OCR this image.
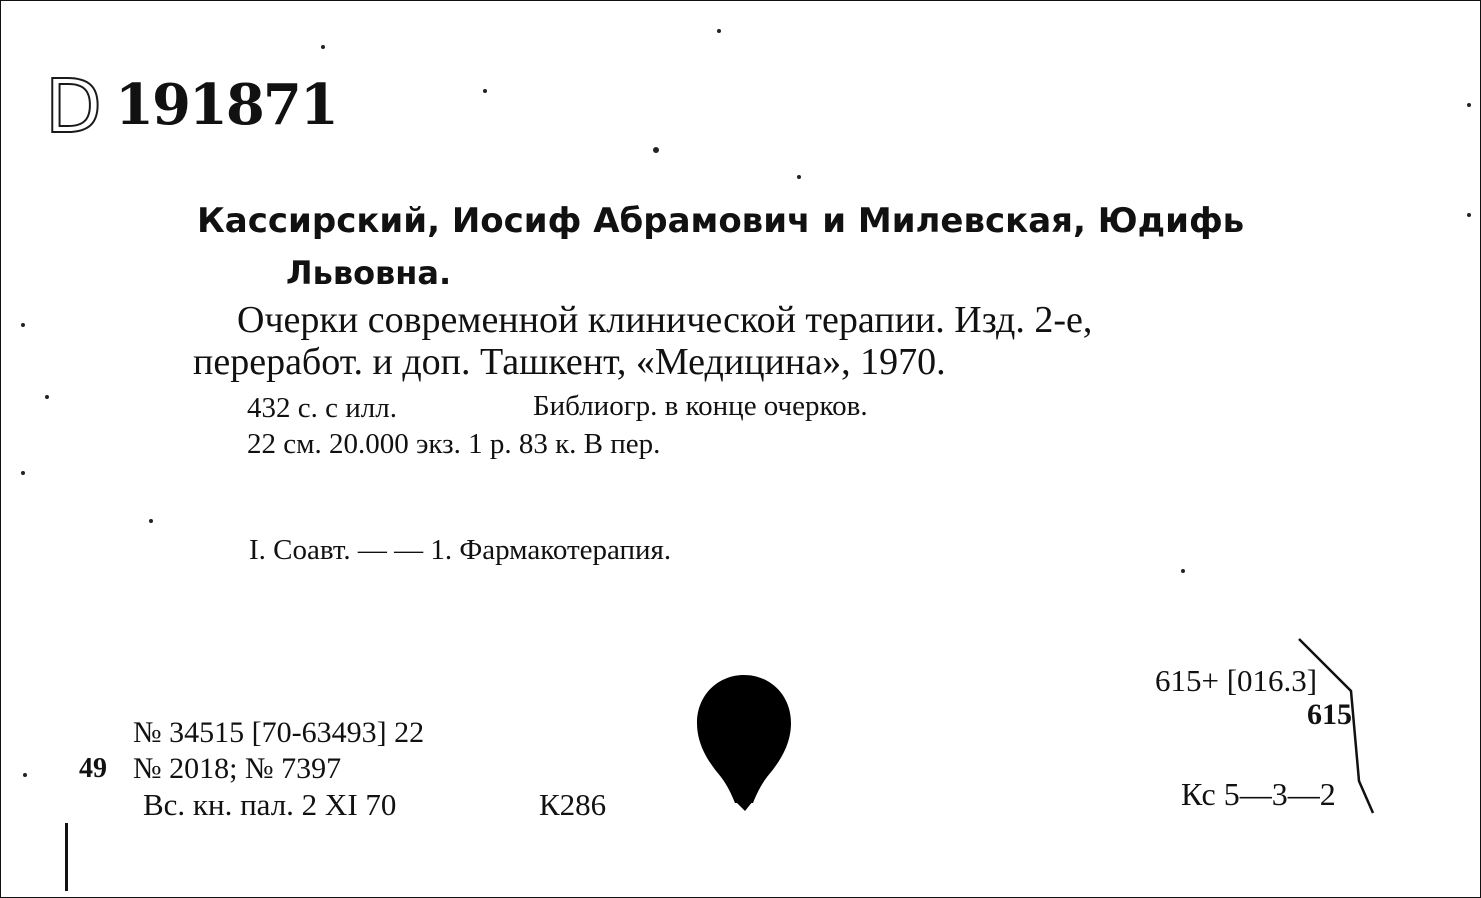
D 191871
Кассирский, Иосиф Абрамович и Милевская, Юдифь
Львовна.
Очерки современной клинической терапии. Изд. 2-е,
переработ. и доп. Ташкент, «Медицина», 1970.
432 с. с илл.	Библиогр. в конце очерков.
22 см. 20.000 экз. 1 р. 83 к. В пер.
I. Соавт. — — 1. Фармакотерапия.
615+ [016.3]
615
Кс 5—3—2
№ 34515 [70-63493] 22
49 № 2018; № 7397
Вс. кн. пал. 2 XI 70	К286
